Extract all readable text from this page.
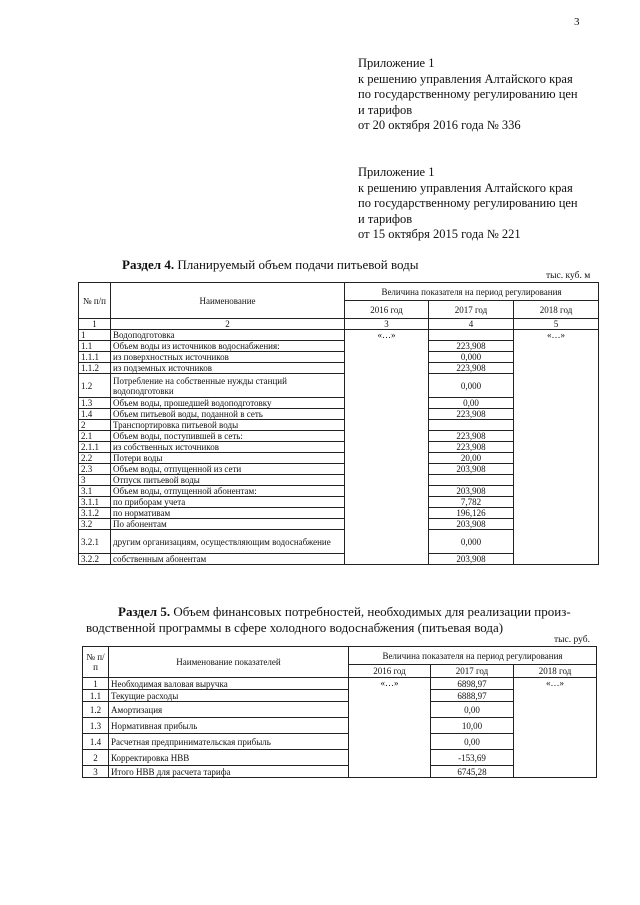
3
Приложение 1
к решению управления Алтайского края
по государственному регулированию цен
и тарифов
от 20 октября 2016 года № 336
Приложение 1
к решению управления Алтайского края
по государственному регулированию цен
и тарифов
от 15 октября 2015 года № 221
Раздел 4. Планируемый объем подачи питьевой воды
тыс. куб. м
№ п/п	Наименование	Величина показателя на период регулирования		
		2016 год	2017 год	2018 год
1	2	3	4	5
1	Водоподготовка	«…»		«…»
1.1	Объем воды из источников водоснабжения:		223,908	
1.1.1	из поверхностных источников		0,000	
1.1.2	из подземных источников		223,908	
1.2	Потребление на собственные нужды станций водоподготовки		0,000	
1.3	Объем воды, прошедшей водоподготовку		0,00	
1.4	Объем питьевой воды, поданной в сеть		223,908	
2	Транспортировка питьевой воды			
2.1	Объем воды, поступившей в сеть:		223,908	
2.1.1	из собственных источников		223,908	
2.2	Потери воды		20,00	
2.3	Объем воды, отпущенной из сети		203,908	
3	Отпуск питьевой воды			
3.1	Объем воды, отпущенной абонентам:		203,908	
3.1.1	по приборам учета		7,782	
3.1.2	по нормативам		196,126	
3.2	По абонентам		203,908	
3.2.1	другим организациям, осуществляющим водоснабжение		0,000	
3.2.2	собственным абонентам		203,908	
Раздел 5. Объем финансовых потребностей, необходимых для реализации произ-
водственной программы в сфере холодного водоснабжения (питьевая вода)
тыс. руб.
№ п/п	Наименование показателей	Величина показателя на период регулирования		
		2016 год	2017 год	2018 год
1	Необходимая валовая выручка	«…»	6898,97	«…»
1.1	Текущие расходы		6888,97	
1.2	Амортизация		0,00	
1.3	Нормативная прибыль		10,00	
1.4	Расчетная предпринимательская прибыль		0,00	
2	Корректировка НВВ		-153,69	
3	Итого НВВ для расчета тарифа		6745,28	
